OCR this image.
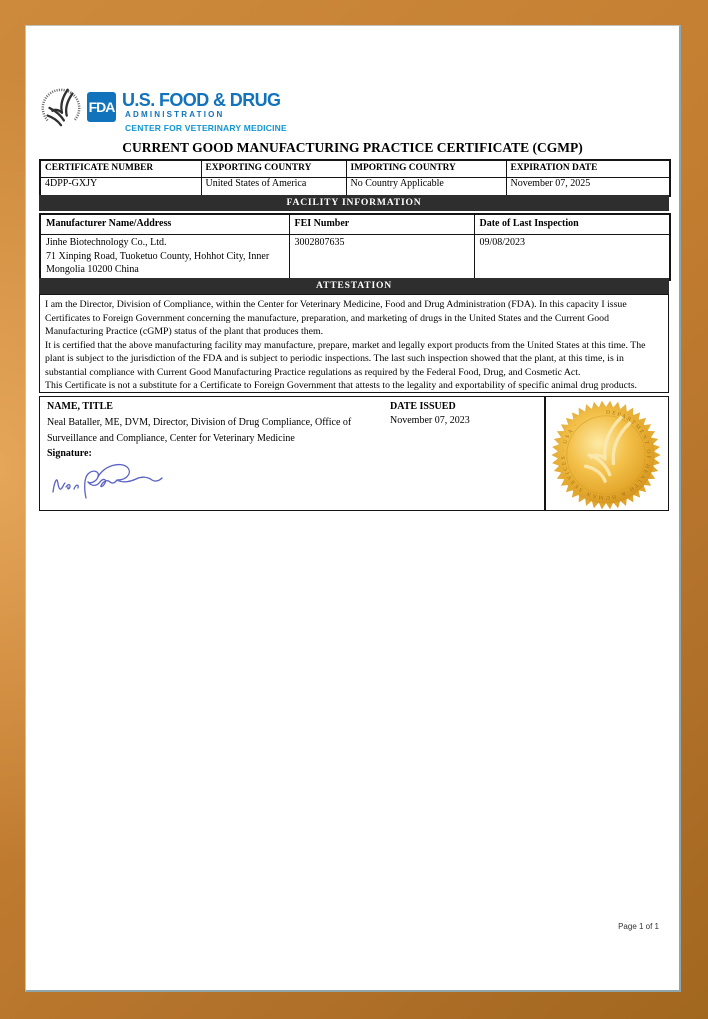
FDA U.S. FOOD & DRUG
ADMINISTRATION
CENTER FOR VETERINARY MEDICINE
CURRENT GOOD MANUFACTURING PRACTICE CERTIFICATE (CGMP)
CERTIFICATE NUMBER	EXPORTING COUNTRY	IMPORTING COUNTRY	EXPIRATION DATE
4DPP-GXJY	United States of America	No Country Applicable	November 07, 2025
FACILITY INFORMATION
Manufacturer Name/Address	FEI Number	Date of Last Inspection

Jinhe Biotechnology Co., Ltd.
71 Xinping Road, Tuoketuo County, Hohhot City, Inner Mongolia 10200 China	3002807635	09/08/2023
ATTESTATION
I am the Director, Division of Compliance, within the Center for Veterinary Medicine, Food and Drug Administration (FDA). In this capacity I issue Certificates to Foreign Government concerning the manufacture, preparation, and marketing of drugs in the United States and the Current Good Manufacturing Practice (cGMP) status of the plant that produces them.
It is certified that the above manufacturing facility may manufacture, prepare, market and legally export products from the United States at this time. The plant is subject to the jurisdiction of the FDA and is subject to periodic inspections. The last such inspection showed that the plant, at this time, is in substantial compliance with Current Good Manufacturing Practice regulations as required by the Federal Food, Drug, and Cosmetic Act.
This Certificate is not a substitute for a Certificate to Foreign Government that attests to the legality and exportability of specific animal drug products.
NAME, TITLE
Neal Bataller, ME, DVM, Director, Division of Drug Compliance, Office of Surveillance and Compliance, Center for Veterinary Medicine
DATE ISSUED
November 07, 2023
Signature:
DEPARTMENT OF HEALTH & HUMAN SERVICES · USA ·
Page 1 of 1
